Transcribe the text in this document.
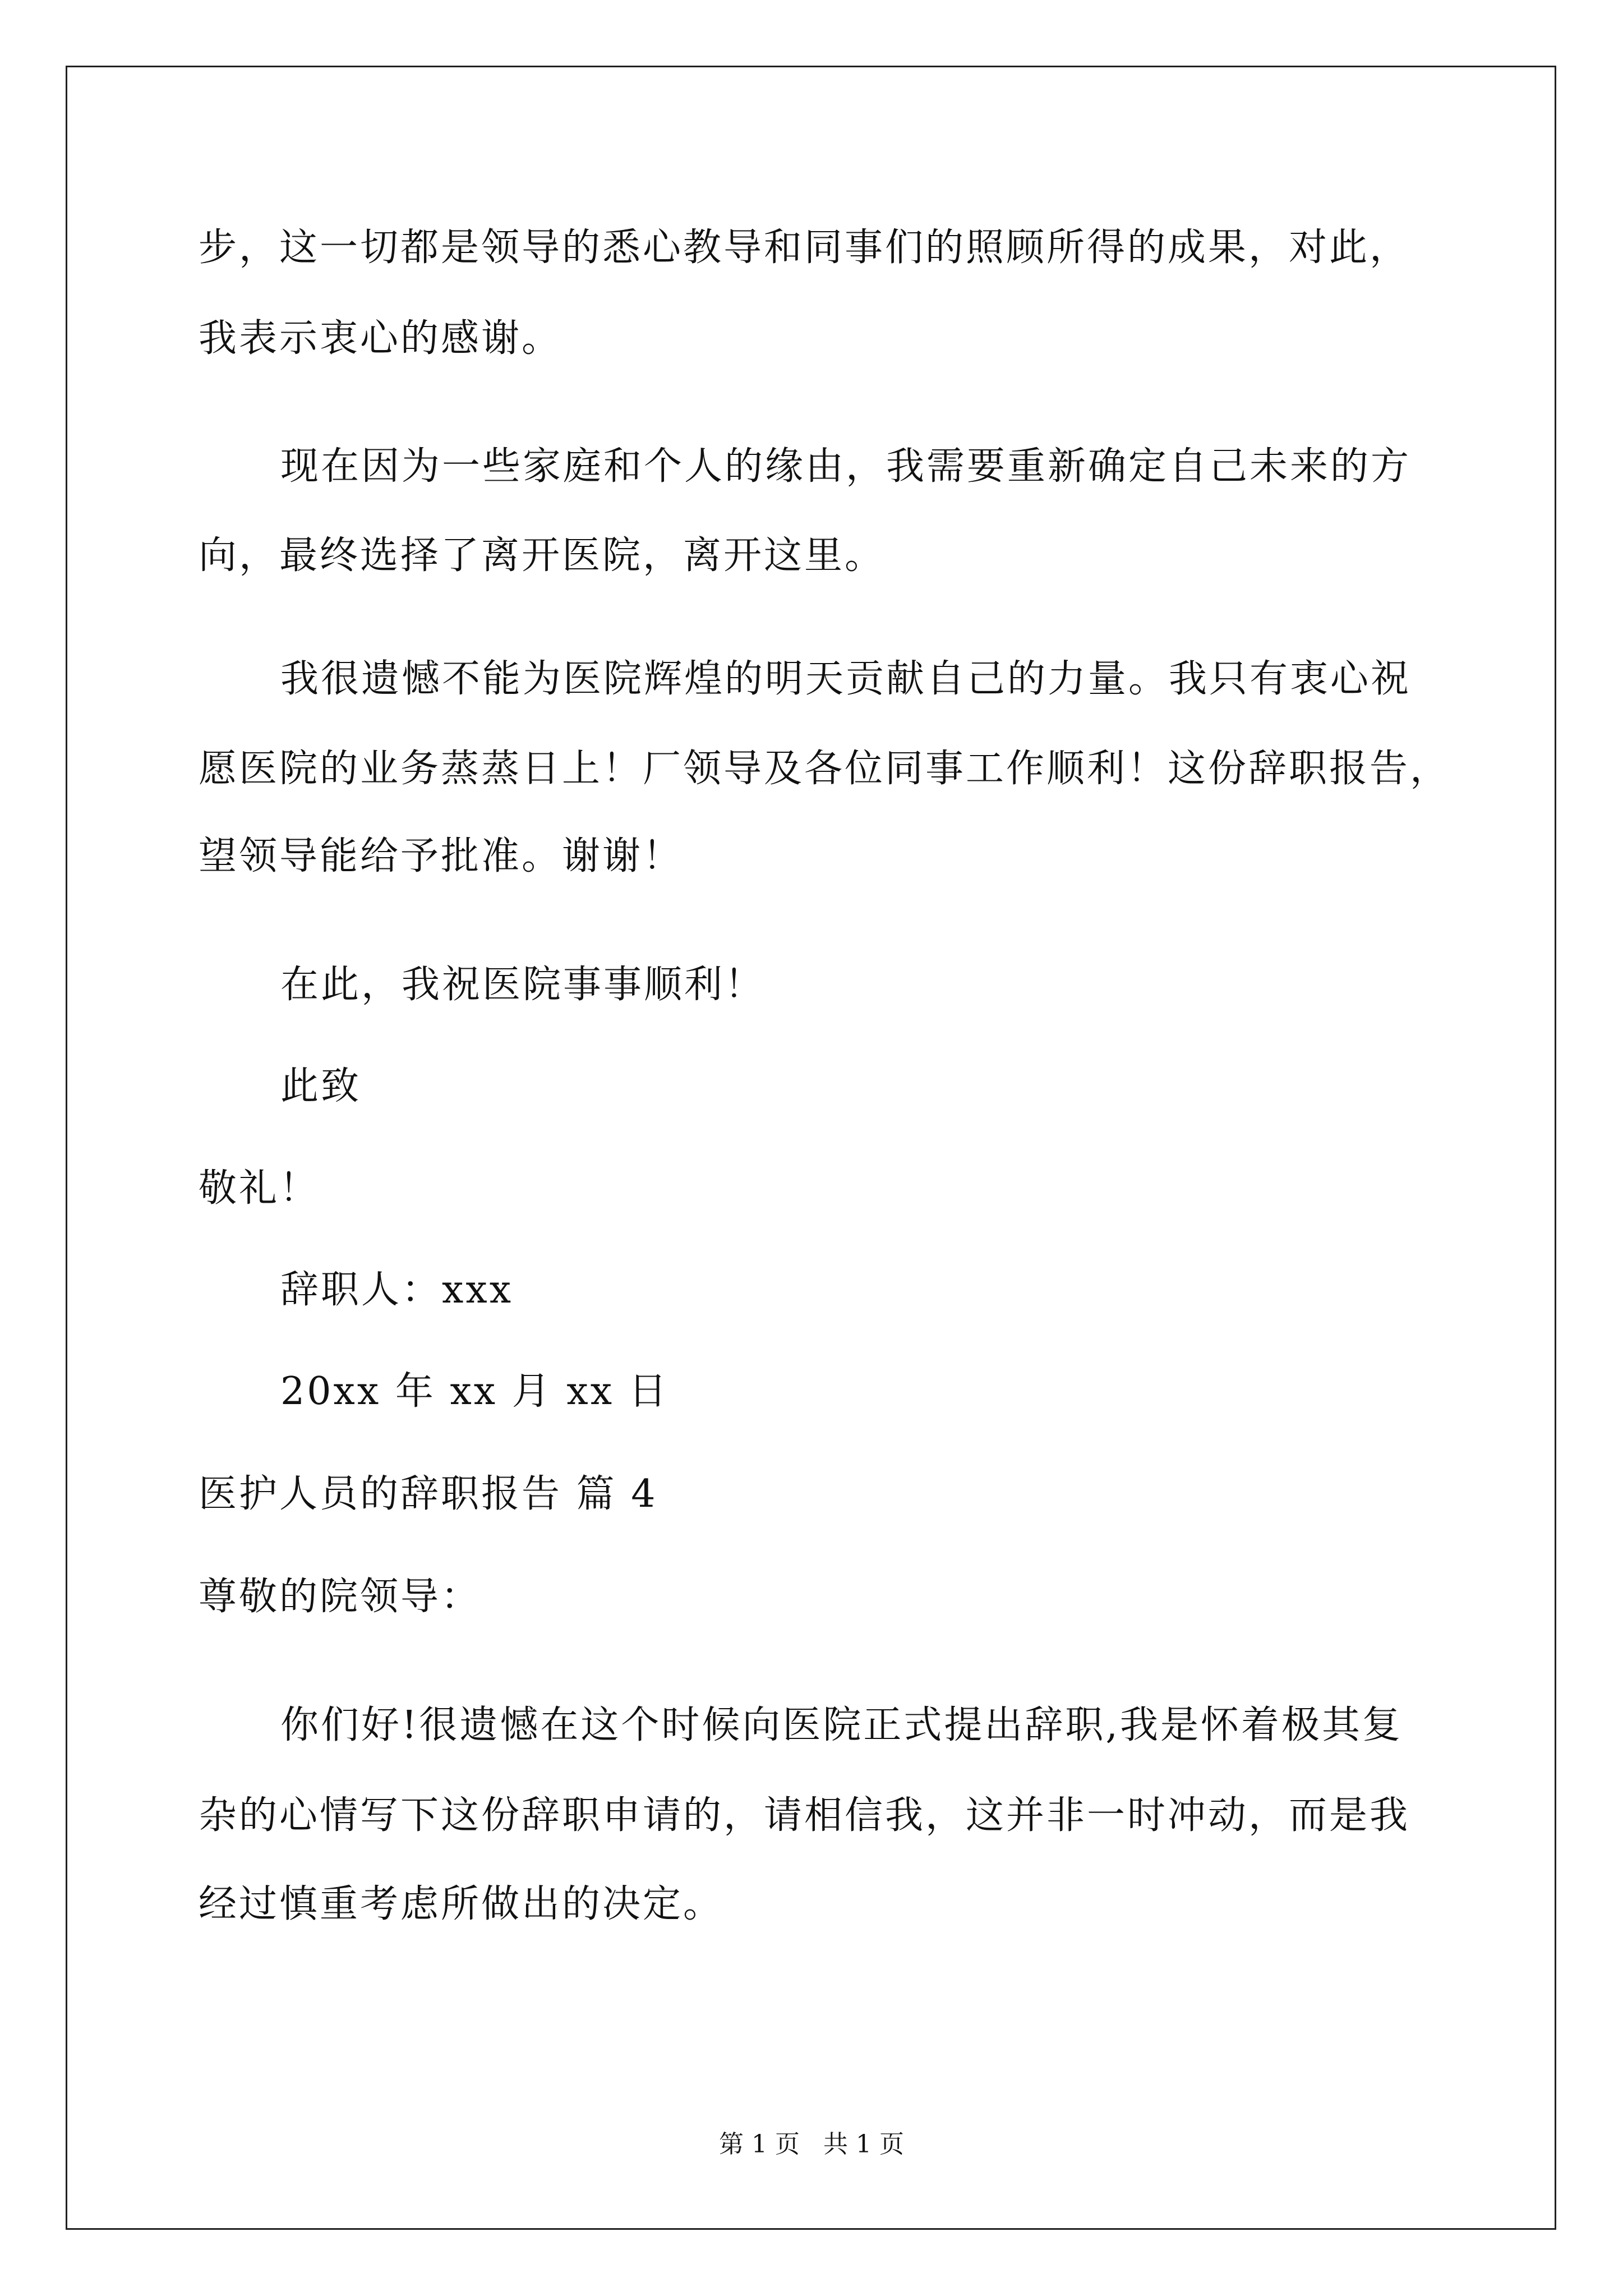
步，这一切都是领导的悉心教导和同事们的照顾所得的成果，对此，
我表示衷心的感谢。
现在因为一些家庭和个人的缘由，我需要重新确定自己未来的方
向，最终选择了离开医院，离开这里。
我很遗憾不能为医院辉煌的明天贡献自己的力量。我只有衷心祝
愿医院的业务蒸蒸日上！厂领导及各位同事工作顺利！这份辞职报告，
望领导能给予批准。谢谢！
在此，我祝医院事事顺利！
此致
敬礼！
辞职人：xxx
20xx 年 xx 月 xx 日
医护人员的辞职报告 篇 4
尊敬的院领导：
你们好!很遗憾在这个时候向医院正式提出辞职,我是怀着极其复
杂的心情写下这份辞职申请的，请相信我，这并非一时冲动，而是我
经过慎重考虑所做出的决定。
第 1 页   共 1 页
